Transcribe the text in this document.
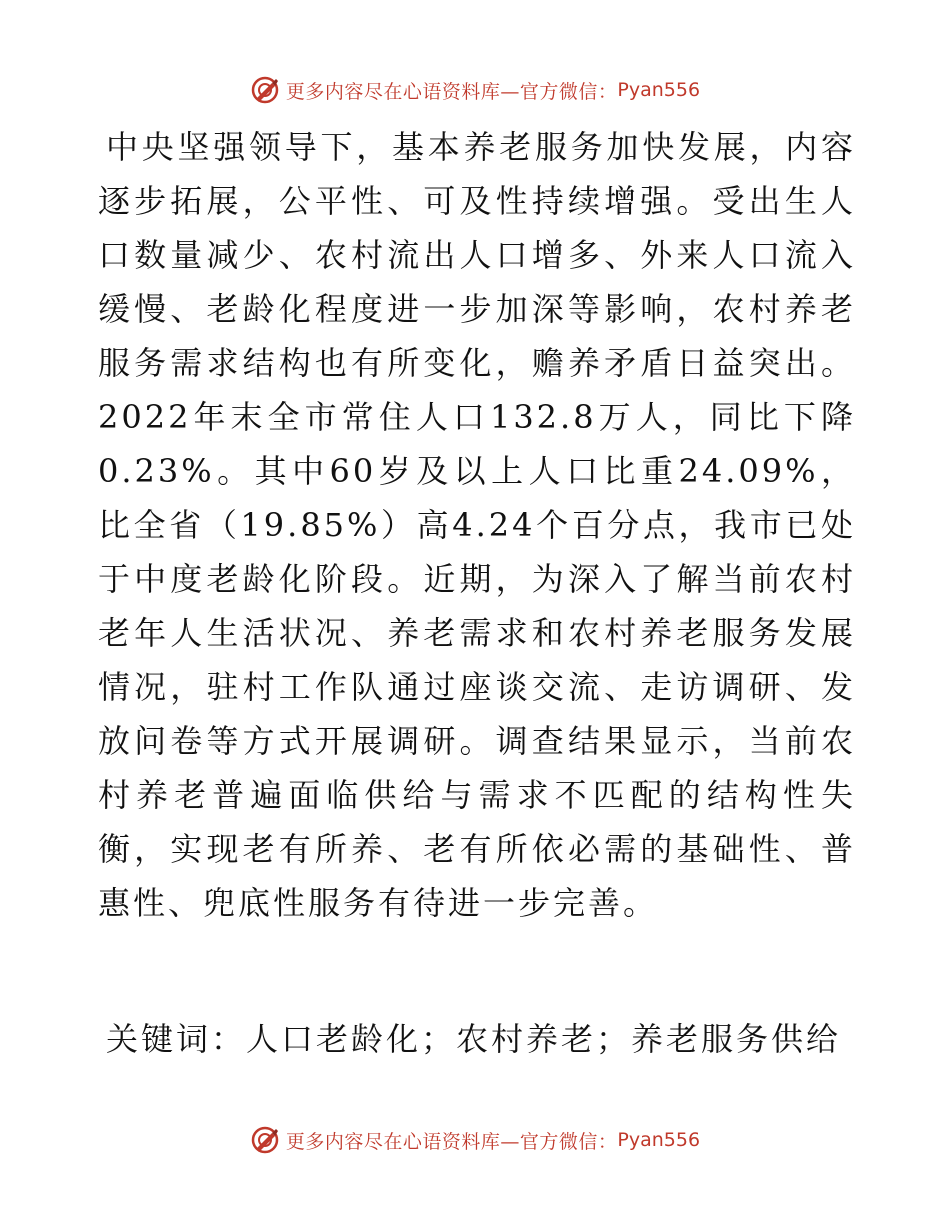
更多内容尽在心语资料库—官方微信： Pyan556

中央坚强领导下，基本养老服务加快发展，内容逐步拓展，公平性、可及性持续增强。受出生人口数量减少、农村流出人口增多、外来人口流入缓慢、老龄化程度进一步加深等影响，农村养老服务需求结构也有所变化，赡养矛盾日益突出。2022年末全市常住人口132.8万人，同比下降0.23%。其中60岁及以上人口比重24.09%，比全省（19.85%）高4.24个百分点，我市已处于中度老龄化阶段。近期，为深入了解当前农村老年人生活状况、养老需求和农村养老服务发展情况，驻村工作队通过座谈交流、走访调研、发放问卷等方式开展调研。调查结果显示，当前农村养老普遍面临供给与需求不匹配的结构性失衡，实现老有所养、老有所依必需的基础性、普惠性、兜底性服务有待进一步完善。

关键词：人口老龄化；农村养老；养老服务供给

更多内容尽在心语资料库—官方微信： Pyan556
